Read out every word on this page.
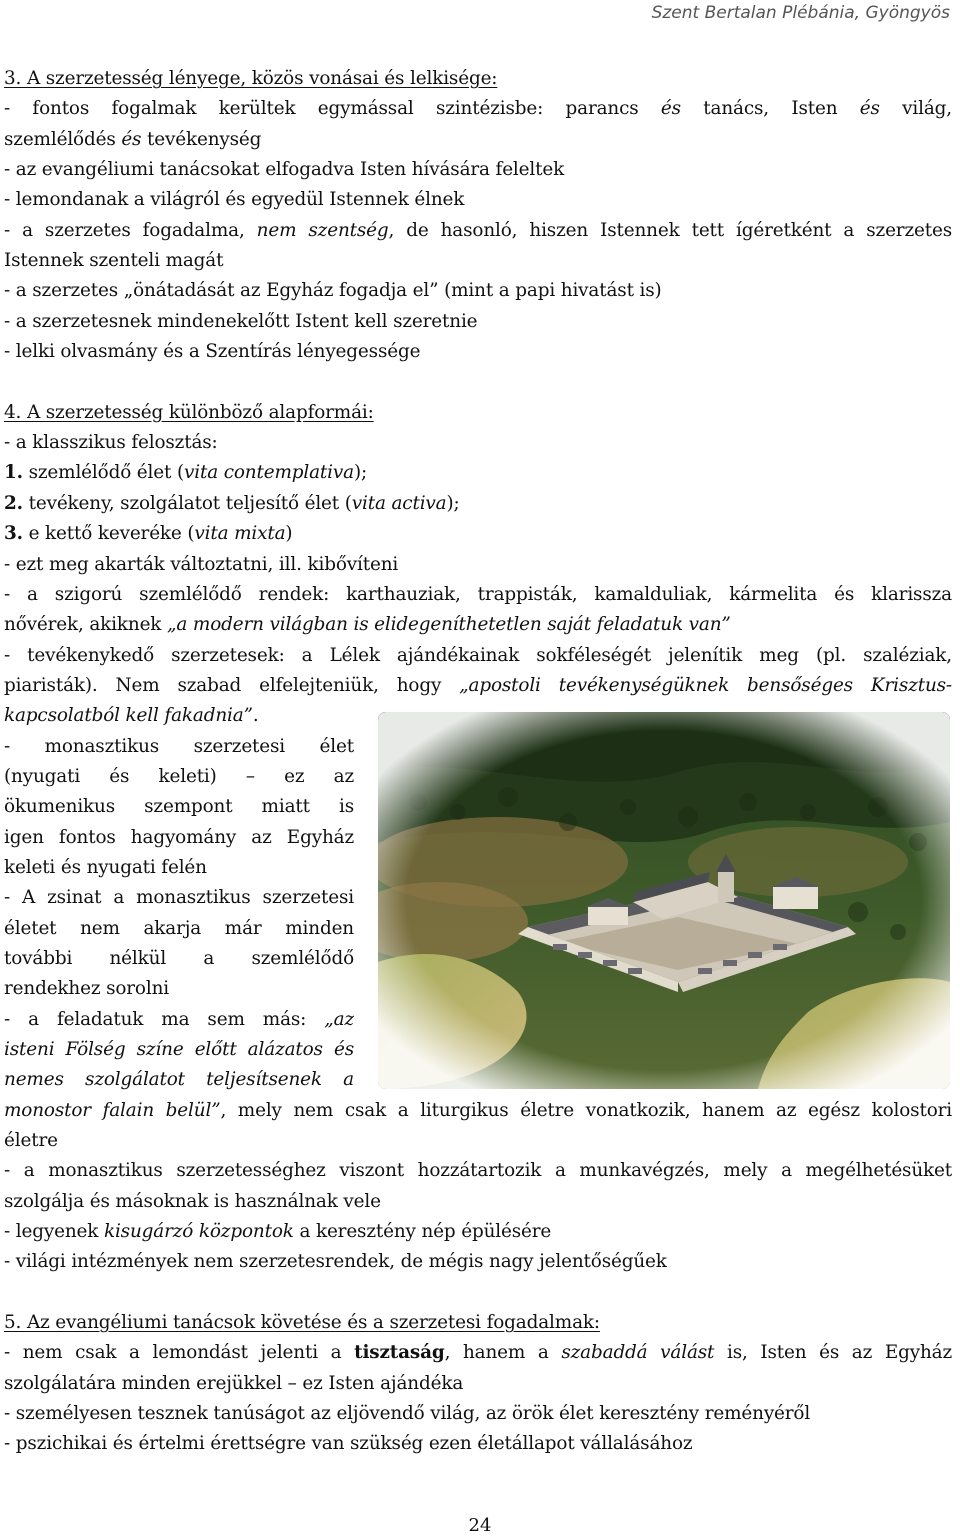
Szent Bertalan Plébánia, Gyöngyös
3. A szerzetesség lényege, közös vonásai és lelkisége:
- fontos fogalmak kerültek egymással szintézisbe: parancs és tanács, Isten és világ,
szemlélődés és tevékenység
- az evangéliumi tanácsokat elfogadva Isten hívására feleltek
- lemondanak a világról és egyedül Istennek élnek
- a szerzetes fogadalma, nem szentség, de hasonló, hiszen Istennek tett ígéretként a szerzetes
Istennek szenteli magát
- a szerzetes „önátadását az Egyház fogadja el” (mint a papi hivatást is)
- a szerzetesnek mindenekelőtt Istent kell szeretnie
- lelki olvasmány és a Szentírás lényegessége
4. A szerzetesség különböző alapformái:
- a klasszikus felosztás:
1. szemlélődő élet (vita contemplativa);
2. tevékeny, szolgálatot teljesítő élet (vita activa);
3. e kettő keveréke (vita mixta)
- ezt meg akarták változtatni, ill. kibővíteni
- a szigorú szemlélődő rendek: karthauziak, trappisták, kamalduliak, kármelita és klarissza
nővérek, akiknek „a modern világban is elidegeníthetetlen saját feladatuk van”
- tevékenykedő szerzetesek: a Lélek ajándékainak sokféleségét jelenítik meg (pl. szaléziak,
piaristák). Nem szabad elfelejteniük, hogy „apostoli tevékenységüknek bensőséges Krisztus-
kapcsolatból kell fakadnia”.
- monasztikus szerzetesi élet
(nyugati és keleti) – ez az
ökumenikus szempont miatt is
igen fontos hagyomány az Egyház
keleti és nyugati felén
- A zsinat a monasztikus szerzetesi
életet nem akarja már minden
további nélkül a szemlélődő
rendekhez sorolni
- a feladatuk ma sem más: „az
isteni Fölség színe előtt alázatos és
nemes szolgálatot teljesítsenek a
monostor falain belül”, mely nem csak a liturgikus életre vonatkozik, hanem az egész kolostori
életre
- a monasztikus szerzetességhez viszont hozzátartozik a munkavégzés, mely a megélhetésüket
szolgálja és másoknak is használnak vele
- legyenek kisugárzó központok a keresztény nép épülésére
- világi intézmények nem szerzetesrendek, de mégis nagy jelentőségűek
5. Az evangéliumi tanácsok követése és a szerzetesi fogadalmak:
- nem csak a lemondást jelenti a tisztaság, hanem a szabaddá válást is, Isten és az Egyház
szolgálatára minden erejükkel – ez Isten ajándéka
- személyesen tesznek tanúságot az eljövendő világ, az örök élet keresztény reményéről
- pszichikai és értelmi érettségre van szükség ezen életállapot vállalásához
24
